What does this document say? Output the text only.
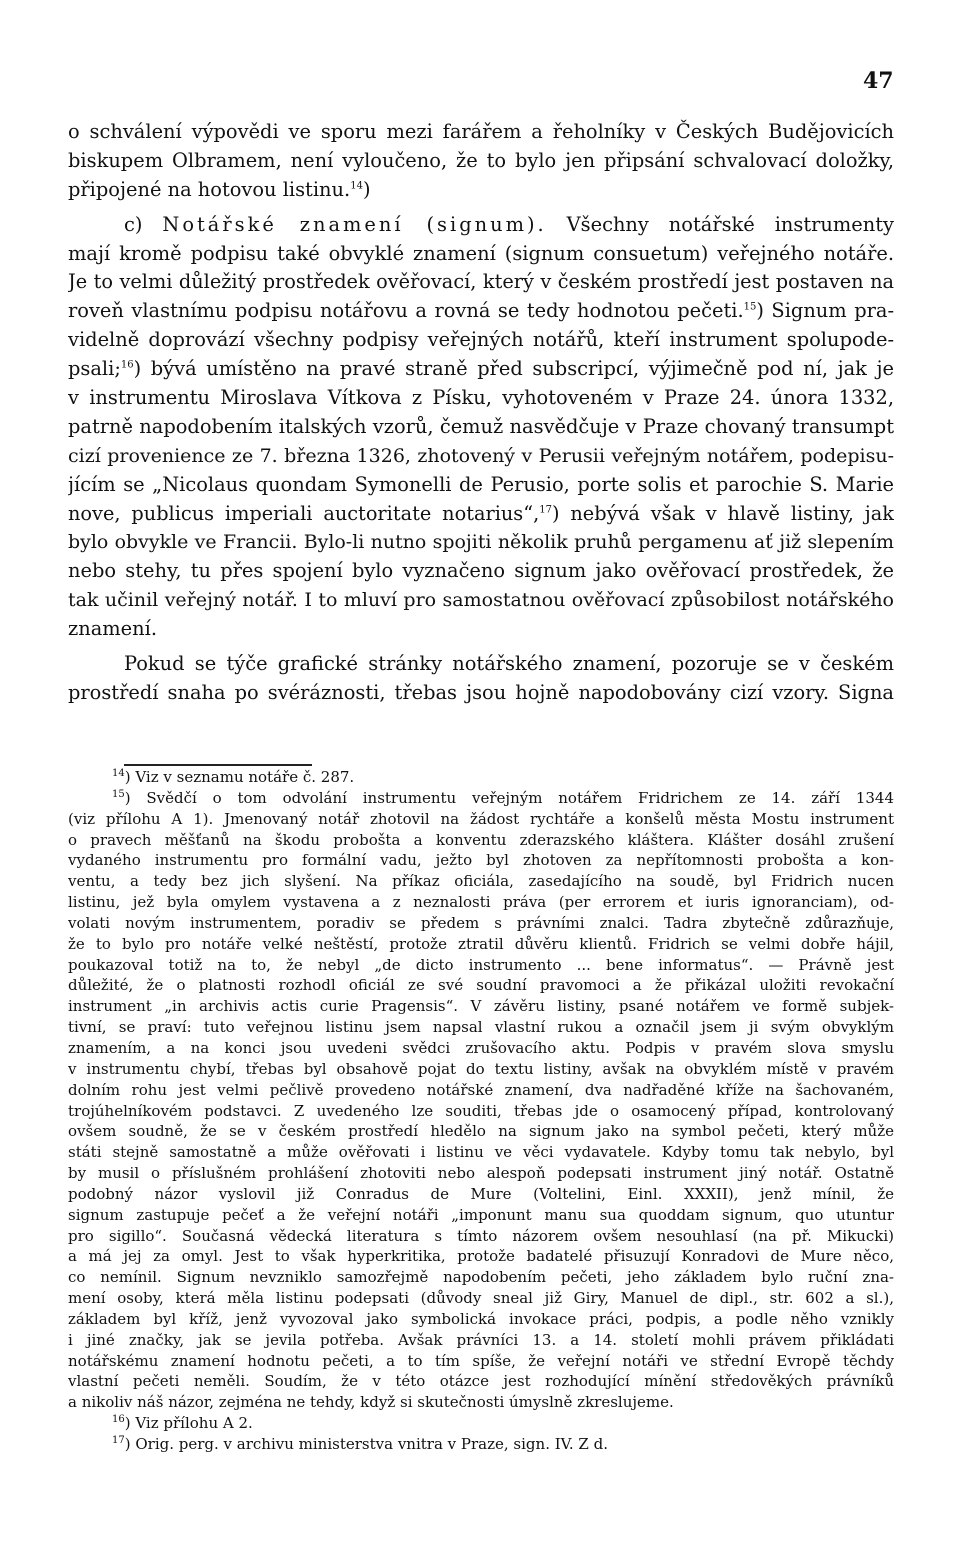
47
o schválení výpovědi ve sporu mezi farářem a řeholníky v Českých Budějovicích
biskupem Olbramem, není vyloučeno, že to bylo jen připsání schvalovací doložky,
připojené na hotovou listinu.$^{14}$)
c) Notářské znamení (signum). Všechny notářské instrumenty
mají kromě podpisu také obvyklé znamení (signum consuetum) veřejného notáře.
Je to velmi důležitý prostředek ověřovací, který v českém prostředí jest postaven na
roveň vlastnímu podpisu notářovu a rovná se tedy hodnotou pečeti.$^{15}$) Signum pra-
videlně doprovází všechny podpisy veřejných notářů, kteří instrument spolupode-
psali;$^{16}$) bývá umístěno na pravé straně před subscripcí, výjimečně pod ní, jak je
v instrumentu Miroslava Vítkova z Písku, vyhotoveném v Praze 24. února 1332,
patrně napodobením italských vzorů, čemuž nasvědčuje v Praze chovaný transumpt
cizí provenience ze 7. března 1326, zhotovený v Perusii veřejným notářem, podepisu-
jícím se „Nicolaus quondam Symonelli de Perusio, porte solis et parochie S. Marie
nove, publicus imperiali auctoritate notarius“,$^{17}$) nebývá však v hlavě listiny, jak
bylo obvykle ve Francii. Bylo-li nutno spojiti několik pruhů pergamenu ať již slepením
nebo stehy, tu přes spojení bylo vyznačeno signum jako ověřovací prostředek, že
tak učinil veřejný notář. I to mluví pro samostatnou ověřovací způsobilost notářského
znamení.
Pokud se týče grafické stránky notářského znamení, pozoruje se v českém
prostředí snaha po svéráznosti, třebas jsou hojně napodobovány cizí vzory. Signa
$^{14}$) Viz v seznamu notáře č. 287.
$^{15}$) Svědčí o tom odvolání instrumentu veřejným notářem Fridrichem ze 14. září 1344
(viz přílohu A 1). Jmenovaný notář zhotovil na žádost rychtáře a konšelů města Mostu instrument
o pravech měšťanů na škodu proboštа a konventu zderazského kláštera. Klášter dosáhl zrušení
vydaného instrumentu pro formální vadu, ježto byl zhotoven za nepřítomnosti probošta a kon-
ventu, a tedy bez jich slyšení. Na příkaz oficiála, zasedajícího na soudě, byl Fridrich nucen
listinu, jež byla omylem vystavena a z neznalosti práva (per errorem et iuris ignoranciam), od-
volati novým instrumentem, poradiv se předem s právními znalci. Tadra zbytečně zdůrazňuje,
že to bylo pro notáře velké neštěstí, protože ztratil důvěru klientů. Fridrich se velmi dobře hájil,
poukazoval totiž na to, že nebyl „de dicto instrumento ... bene informatus“. — Právně jest
důležité, že o platnosti rozhodl oficiál ze své soudní pravomoci a že přikázal uložiti revokační
instrument „in archivis actis curie Pragensis“. V závěru listiny, psané notářem ve formě subjek-
tivní, se praví: tuto veřejnou listinu jsem napsal vlastní rukou a označil jsem ji svým obvyklým
znamením, a na konci jsou uvedeni svědci zrušovacího aktu. Podpis v pravém slova smyslu
v instrumentu chybí, třebas byl obsahově pojat do textu listiny, avšak na obvyklém místě v pravém
dolním rohu jest velmi pečlivě provedeno notářské znamení, dva nadřaděné kříže na šachovaném,
trojúhelníkovém podstavci. Z uvedeného lze souditi, třebas jde o osamocený případ, kontrolovaný
ovšem soudně, že se v českém prostředí hledělo na signum jako na symbol pečeti, který může
státi stejně samostatně a může ověřovati i listinu ve věci vydavatele. Kdyby tomu tak nebylo, byl
by musil o příslušném prohlášení zhotoviti nebo alespoň podepsati instrument jiný notář. Ostatně
podobný názor vyslovil již Conradus de Mure (Voltelini, Einl. XXXII), jenž mínil, že
signum zastupuje pečeť a že veřejní notáři „imponunt manu sua quoddam signum, quo utuntur
pro sigillo“. Současná vědecká literatura s tímto názorem ovšem nesouhlasí (na př. Mikucki)
a má jej za omyl. Jest to však hyperkritika, protože badatelé přisuzují Konradovi de Mure něco,
co nemínil. Signum nevzniklo samozřejmě napodobením pečeti, jeho základem bylo ruční zna-
mení osoby, která měla listinu podepsati (důvody sneal již Giry, Manuel de dipl., str. 602 a sl.),
základem byl kříž, jenž vyvozoval jako symbolická invokace práci, podpis, a podle něho vznikly
i jiné značky, jak se jevila potřeba. Avšak právníci 13. a 14. století mohli právem přikládati
notářskému znamení hodnotu pečeti, a to tím spíše, že veřejní notáři ve střední Evropě těchdy
vlastní pečeti neměli. Soudím, že v této otázce jest rozhodující mínění středověkých právníků
a nikoliv náš názor, zejména ne tehdy, když si skutečnosti úmyslně zkreslujeme.
$^{16}$) Viz přílohu A 2.
$^{17}$) Orig. perg. v archivu ministerstva vnitra v Praze, sign. IV. Z d.
